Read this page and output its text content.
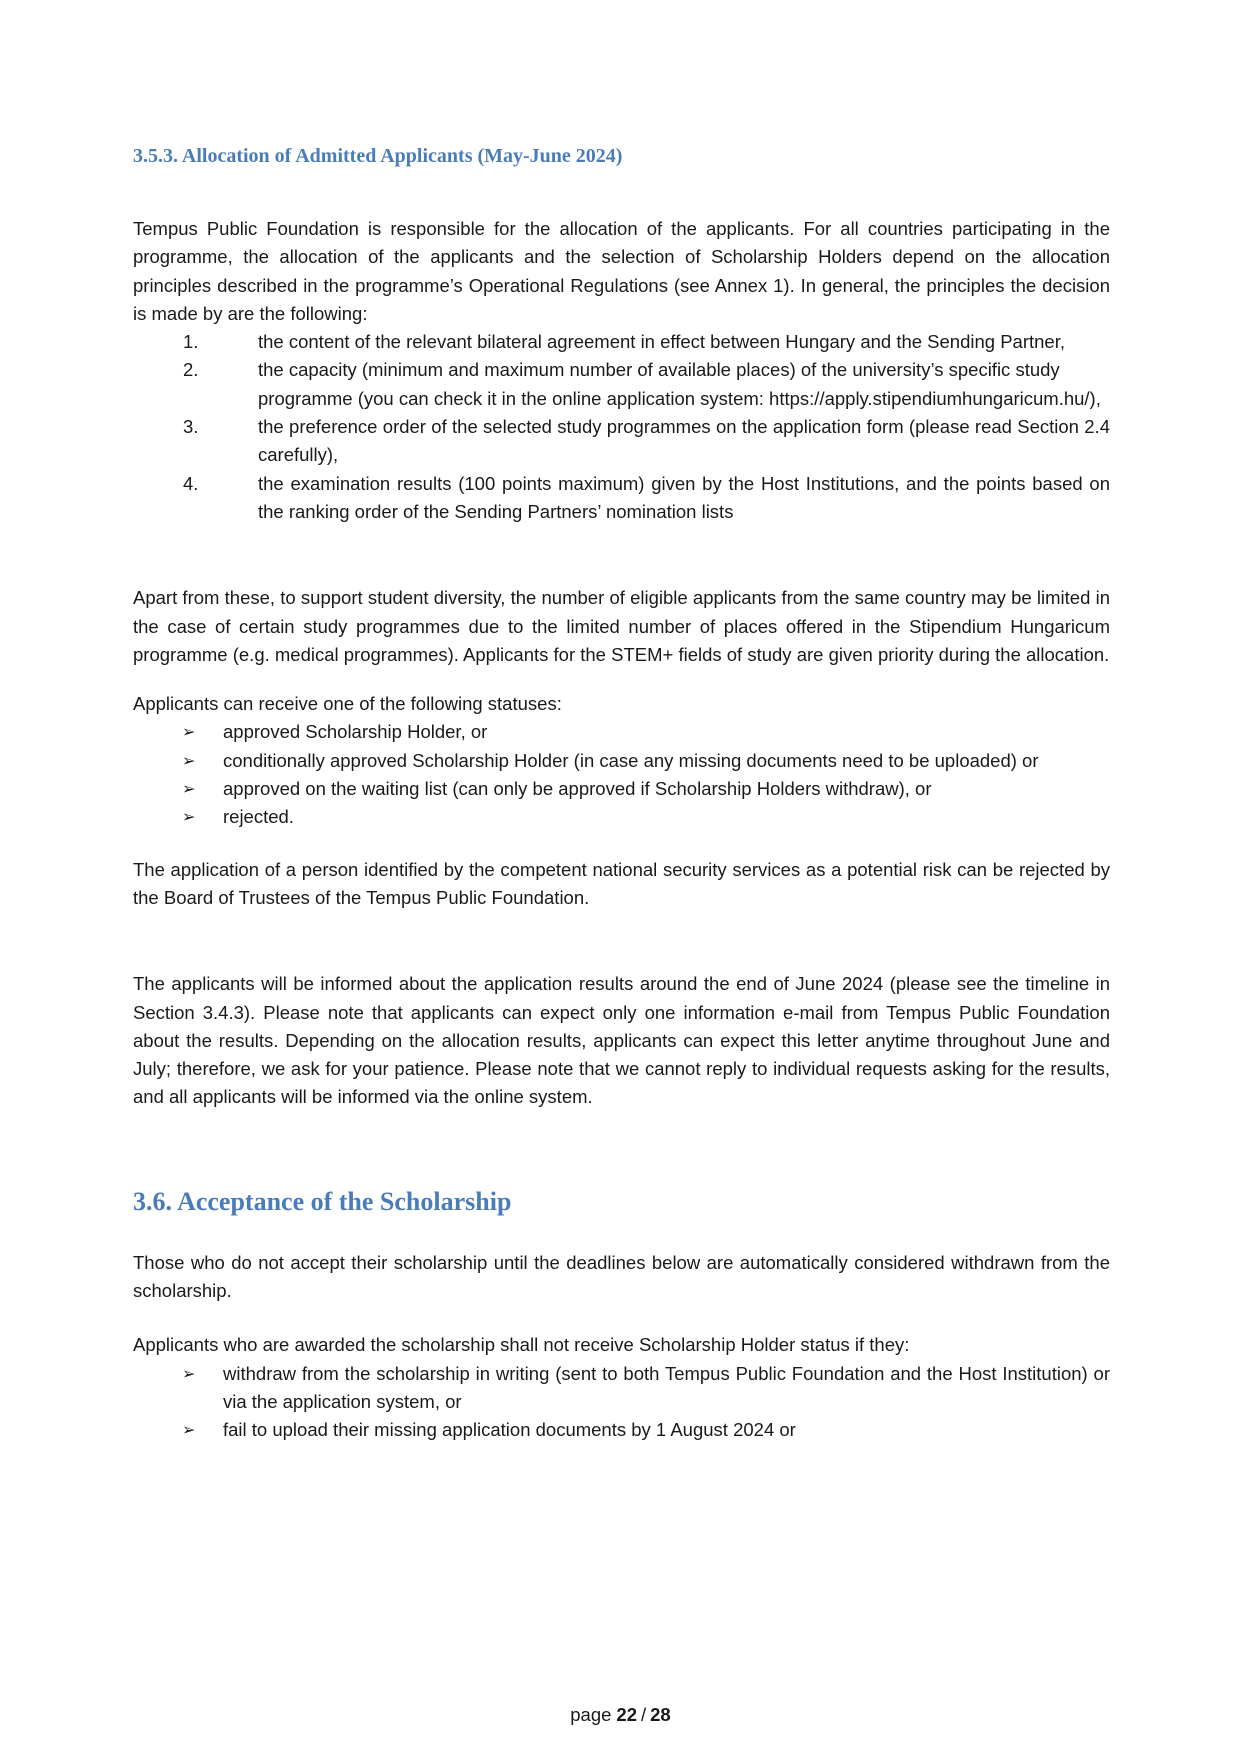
3.5.3. Allocation of Admitted Applicants (May-June 2024)

Tempus Public Foundation is responsible for the allocation of the applicants. For all countries participating in the programme, the allocation of the applicants and the selection of Scholarship Holders depend on the allocation principles described in the programme’s Operational Regulations (see Annex 1). In general, the principles the decision is made by are the following:

1.	the content of the relevant bilateral agreement in effect between Hungary and the Sending Partner,
2.	the capacity (minimum and maximum number of available places) of the university’s specific study programme (you can check it in the online application system: https://apply.stipendiumhungaricum.hu/),
3.	the preference order of the selected study programmes on the application form (please read Section 2.4 carefully),
4.	the examination results (100 points maximum) given by the Host Institutions, and the points based on the ranking order of the Sending Partners’ nomination lists

Apart from these, to support student diversity, the number of eligible applicants from the same country may be limited in the case of certain study programmes due to the limited number of places offered in the Stipendium Hungaricum programme (e.g. medical programmes). Applicants for the STEM+ fields of study are given priority during the allocation.

Applicants can receive one of the following statuses:

➢	approved Scholarship Holder, or
➢	conditionally approved Scholarship Holder (in case any missing documents need to be uploaded) or
➢	approved on the waiting list (can only be approved if Scholarship Holders withdraw), or
➢	rejected.

The application of a person identified by the competent national security services as a potential risk can be rejected by the Board of Trustees of the Tempus Public Foundation.

The applicants will be informed about the application results around the end of June 2024 (please see the timeline in Section 3.4.3). Please note that applicants can expect only one information e-mail from Tempus Public Foundation about the results. Depending on the allocation results, applicants can expect this letter anytime throughout June and July; therefore, we ask for your patience. Please note that we cannot reply to individual requests asking for the results, and all applicants will be informed via the online system.

3.6. Acceptance of the Scholarship

Those who do not accept their scholarship until the deadlines below are automatically considered withdrawn from the scholarship.

Applicants who are awarded the scholarship shall not receive Scholarship Holder status if they:

➢	withdraw from the scholarship in writing (sent to both Tempus Public Foundation and the Host Institution) or via the application system, or
➢	fail to upload their missing application documents by 1 August 2024 or
page 22 / 28
